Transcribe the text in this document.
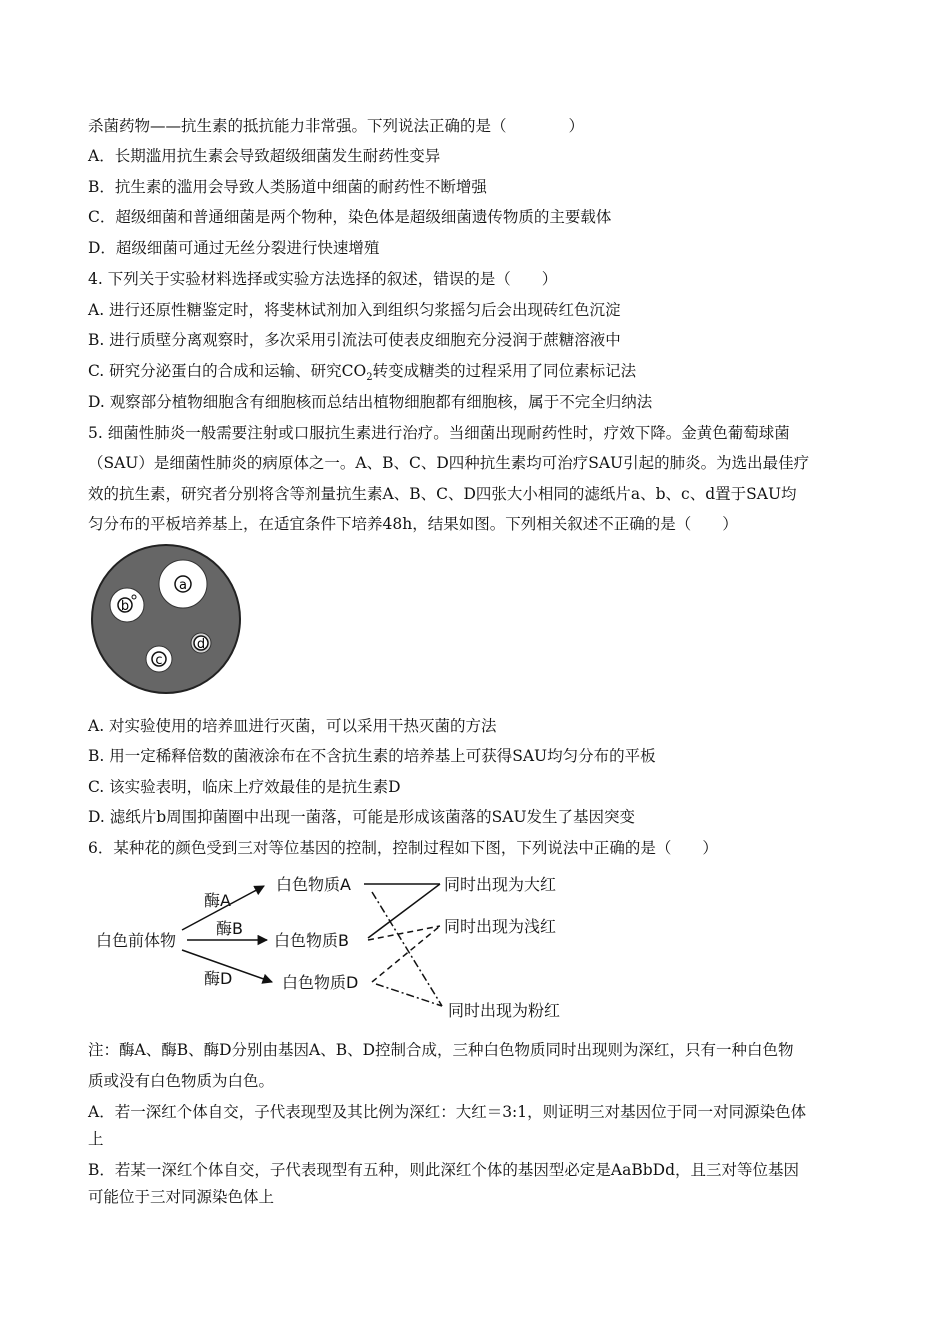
杀菌药物——抗生素的抵抗能力非常强。下列说法正确的是（　　　　）
A．长期滥用抗生素会导致超级细菌发生耐药性变异
B．抗生素的滥用会导致人类肠道中细菌的耐药性不断增强
C．超级细菌和普通细菌是两个物种，染色体是超级细菌遗传物质的主要载体
D．超级细菌可通过无丝分裂进行快速增殖
4. 下列关于实验材料选择或实验方法选择的叙述，错误的是（　　）
A. 进行还原性糖鉴定时，将斐林试剂加入到组织匀浆摇匀后会出现砖红色沉淀
B. 进行质壁分离观察时，多次采用引流法可使表皮细胞充分浸润于蔗糖溶液中
C. 研究分泌蛋白的合成和运输、研究$CO_2$转变成糖类的过程采用了同位素标记法
D. 观察部分植物细胞含有细胞核而总结出植物细胞都有细胞核，属于不完全归纳法
5. 细菌性肺炎一般需要注射或口服抗生素进行治疗。当细菌出现耐药性时，疗效下降。金黄色葡萄球菌
（SAU）是细菌性肺炎的病原体之一。A、B、C、D四种抗生素均可治疗SAU引起的肺炎。为选出最佳疗
效的抗生素，研究者分别将含等剂量抗生素A、B、C、D四张大小相同的滤纸片a、b、c、d置于SAU均
匀分布的平板培养基上，在适宜条件下培养48h，结果如图。下列相关叙述不正确的是（　　）
a
b
c
d
A. 对实验使用的培养皿进行灭菌，可以采用干热灭菌的方法
B. 用一定稀释倍数的菌液涂布在不含抗生素的培养基上可获得SAU均匀分布的平板
C. 该实验表明，临床上疗效最佳的是抗生素D
D. 滤纸片b周围抑菌圈中出现一菌落，可能是形成该菌落的SAU发生了基因突变
6．某种花的颜色受到三对等位基因的控制，控制过程如下图，下列说法中正确的是（　　）
白色前体物
酶A
酶B
酶D
白色物质A
白色物质B
白色物质D
同时出现为大红
同时出现为浅红
同时出现为粉红
注：酶A、酶B、酶D分别由基因A、B、D控制合成，三种白色物质同时出现则为深红，只有一种白色物
质或没有白色物质为白色。
A．若一深红个体自交，子代表现型及其比例为深红：大红＝3:1，则证明三对基因位于同一对同源染色体
上
B．若某一深红个体自交，子代表现型有五种，则此深红个体的基因型必定是AaBbDd，且三对等位基因
可能位于三对同源染色体上
